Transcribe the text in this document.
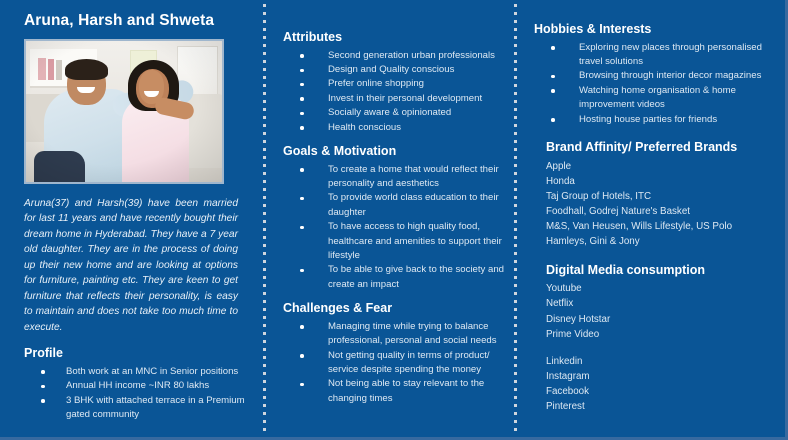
Aruna, Harsh and Shweta
Aruna(37) and Harsh(39) have been married for last 11 years and have recently bought their dream home in Hyderabad. They have a 7 year old daughter. They are in the process of doing up their new home and are looking at options for furniture, painting etc. They are keen to get furniture that reflects their personality, is easy to maintain and does not take too much time to execute.
Profile
Both work at an MNC in Senior positions
Annual HH income ~INR 80 lakhs
3 BHK with attached terrace in a Premium gated community
Attributes
Second generation urban professionals
Design and Quality conscious
Prefer online shopping
Invest in their personal development
Socially aware & opinionated
Health conscious
Goals & Motivation
To create a home that would reflect their personality and aesthetics
To provide world class education to their daughter
To have access to high quality food, healthcare and amenities to support their lifestyle
To be able to give back to the society and create an impact
Challenges & Fear
Managing time while trying to balance professional, personal and social needs
Not getting quality in terms of product/ service despite spending the money
Not being able to stay relevant to the changing times
Hobbies & Interests
Exploring new places through personalised travel solutions
Browsing through interior decor magazines
Watching home organisation & home improvement videos
Hosting house parties for friends
Brand Affinity/ Preferred Brands
Apple
Honda
Taj Group of Hotels, ITC
Foodhall, Godrej Nature's Basket
M&S, Van Heusen, Wills Lifestyle, US Polo
Hamleys, Gini & Jony
Digital Media consumption
Youtube
Netflix
Disney Hotstar
Prime Video
Linkedin
Instagram
Facebook
Pinterest
